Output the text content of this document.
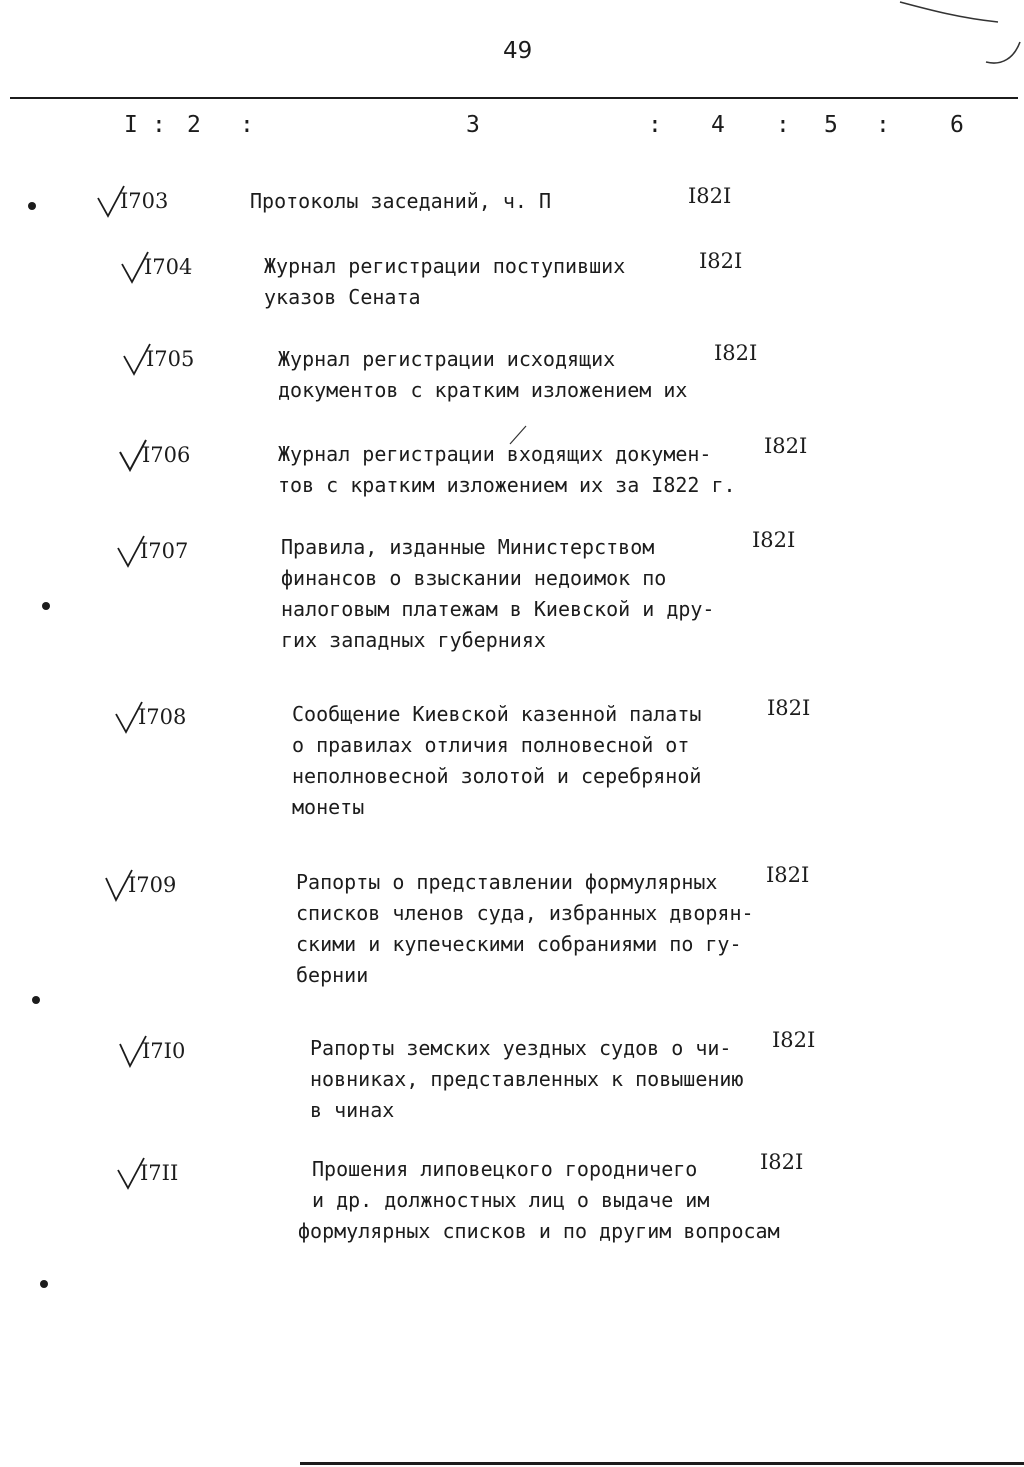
49
I : 2 :	3	: 4 : 5 :	6
I703	Протоколы заседаний, ч. П	I82I
I704	Журнал регистрации поступивших
указов Сената
I82I
I705	Журнал регистрации исходящих
документов с кратким изложением их
I82I
I706	Журнал регистрации входящих докумен-
тов с кратким изложением их за I822 г.
I82I
I707	Правила, изданные Министерством
финансов о взыскании недоимок по
налоговым платежам в Киевской и дру-
гих западных губерниях
I82I
I708	Сообщение Киевской казенной палаты
о правилах отличия полновесной от
неполновесной золотой и серебряной
монеты
I82I
I709	Рапорты о представлении формулярных
списков членов суда, избранных дворян-
скими и купеческими собраниями по гу-
бернии
I82I
I7I0	Рапорты земских уездных судов о чи-
новниках, представленных к повышению
в чинах
I82I
I7II	Прошения липовецкого городничего
и др. должностных лиц о выдаче им
формулярных списков и по другим вопросам
I82I
